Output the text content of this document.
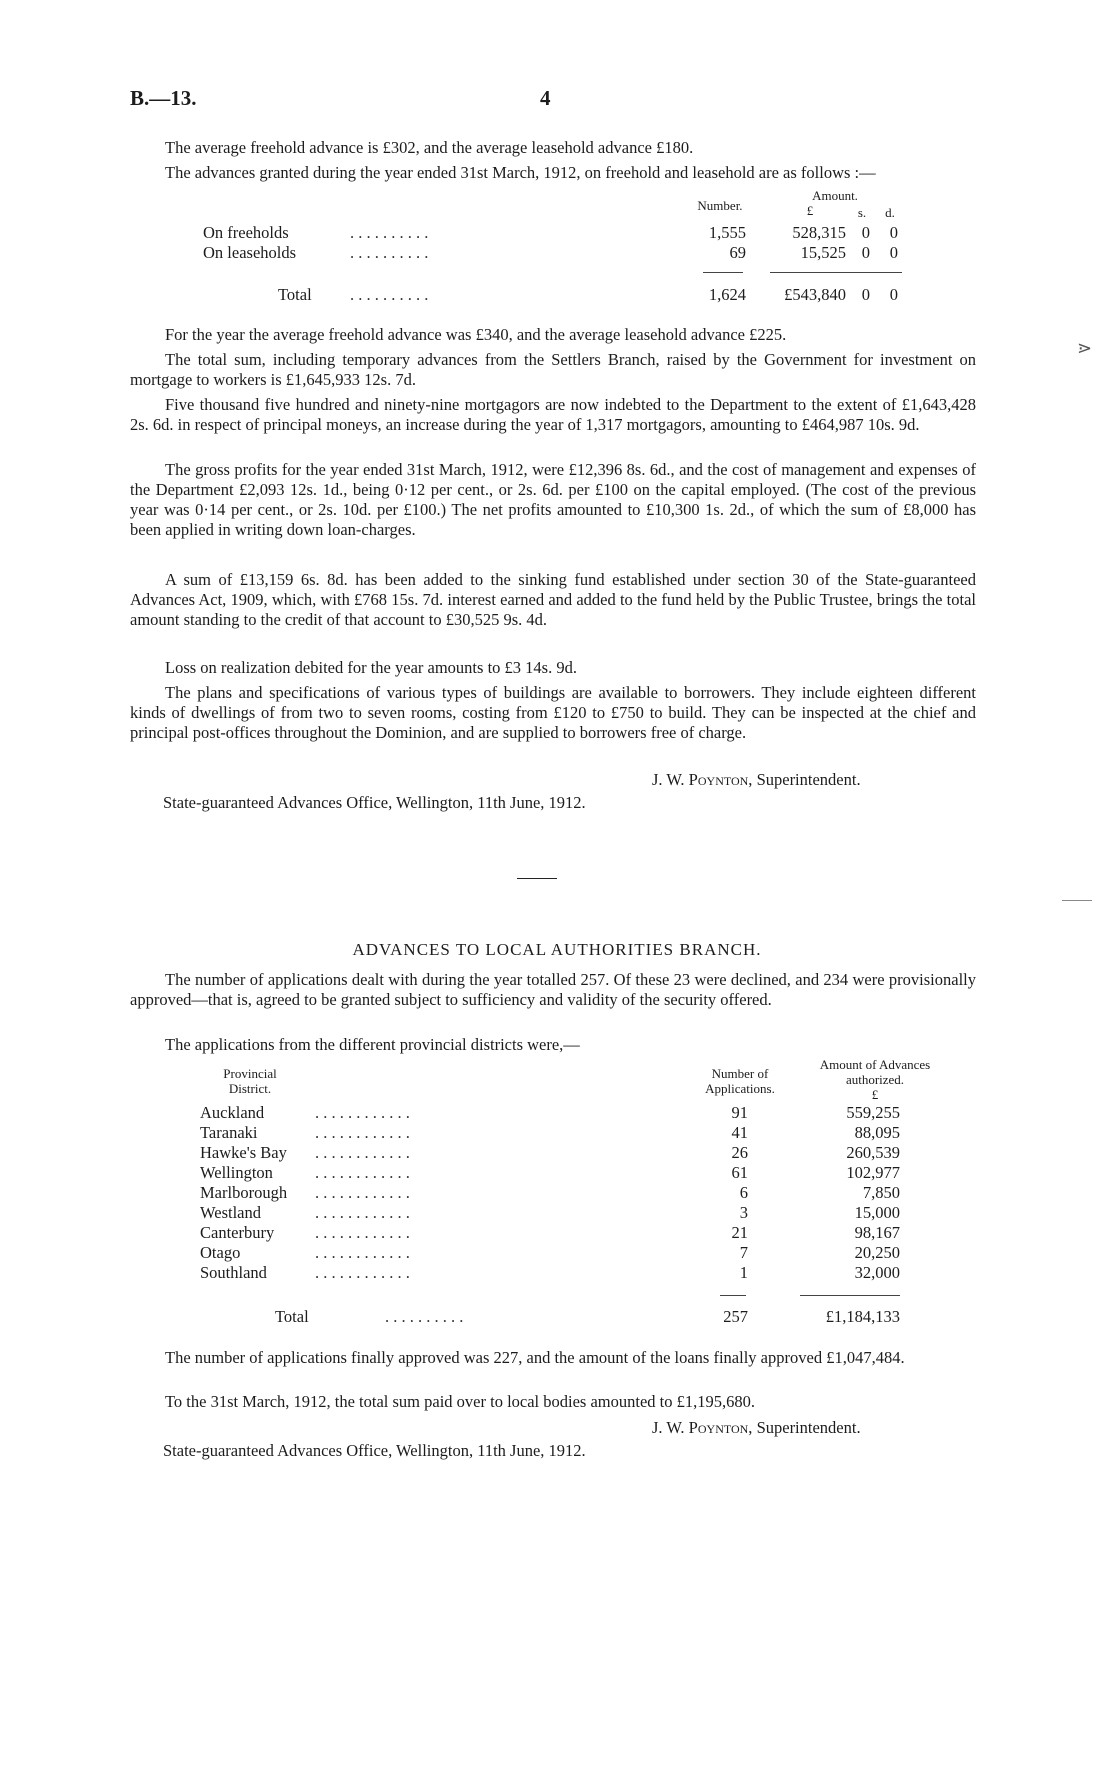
B.—13.	4

The average freehold advance is £302, and the average leasehold advance £180.

The advances granted during the year ended 31st March, 1912, on freehold and leasehold are as follows :—

Number.
Amount.
£	s. d.
On freeholds	. . . . . . . . . .	1,555	528,315 0	0
On leaseholds	. . . . . . . . . .	69	15,525 0	0
Total . . . . . . . . . .	1,624	£543,840 0	0

For the year the average freehold advance was £340, and the average leasehold advance £225.

The total sum, including temporary advances from the Settlers Branch, raised by the Government for investment on mortgage to workers is £1,645,933 12s. 7d.

Five thousand five hundred and ninety-nine mortgagors are now indebted to the Department to the extent of £1,643,428 2s. 6d. in respect of principal moneys, an increase during the year of 1,317 mortgagors, amounting to £464,987 10s. 9d.

The gross profits for the year ended 31st March, 1912, were £12,396 8s. 6d., and the cost of management and expenses of the Department £2,093 12s. 1d., being 0·12 per cent., or 2s. 6d. per £100 on the capital employed. (The cost of the previous year was 0·14 per cent., or 2s. 10d. per £100.) The net profits amounted to £10,300 1s. 2d., of which the sum of £8,000 has been applied in writing down loan-charges.

A sum of £13,159 6s. 8d. has been added to the sinking fund established under section 30 of the State-guaranteed Advances Act, 1909, which, with £768 15s. 7d. interest earned and added to the fund held by the Public Trustee, brings the total amount standing to the credit of that account to £30,525 9s. 4d.

Loss on realization debited for the year amounts to £3 14s. 9d.

The plans and specifications of various types of buildings are available to borrowers. They include eighteen different kinds of dwellings of from two to seven rooms, costing from £120 to £750 to build. They can be inspected at the chief and principal post-offices throughout the Dominion, and are supplied to borrowers free of charge.

J. W. Poynton, Superintendent.
State-guaranteed Advances Office, Wellington, 11th June, 1912.
ADVANCES TO LOCAL AUTHORITIES BRANCH.

The number of applications dealt with during the year totalled 257. Of these 23 were declined, and 234 were provisionally approved—that is, agreed to be granted subject to sufficiency and validity of the security offered.

The applications from the different provincial districts were,—

Provincial
District.
Number of
Applications.
Amount of Advances
authorized.
£
Auckland	. . . . . . . . . . . .	91	559,255
Taranaki	. . . . . . . . . . . .	41	88,095
Hawke's Bay . . . . . . . . . . . .	26	260,539
Wellington	. . . . . . . . . . . .	61	102,977
Marlborough . . . . . . . . . . . .	6	7,850
Westland	. . . . . . . . . . . .	3	15,000
Canterbury . . . . . . . . . . . .	21	98,167
Otago	. . . . . . . . . . . .	7	20,250
Southland	. . . . . . . . . . . .	1	32,000
Total	. . . . . . . . . .	257	£1,184,133

The number of applications finally approved was 227, and the amount of the loans finally approved £1,047,484.

To the 31st March, 1912, the total sum paid over to local bodies amounted to £1,195,680.

J. W. Poynton, Superintendent.
State-guaranteed Advances Office, Wellington, 11th June, 1912.
⋗
